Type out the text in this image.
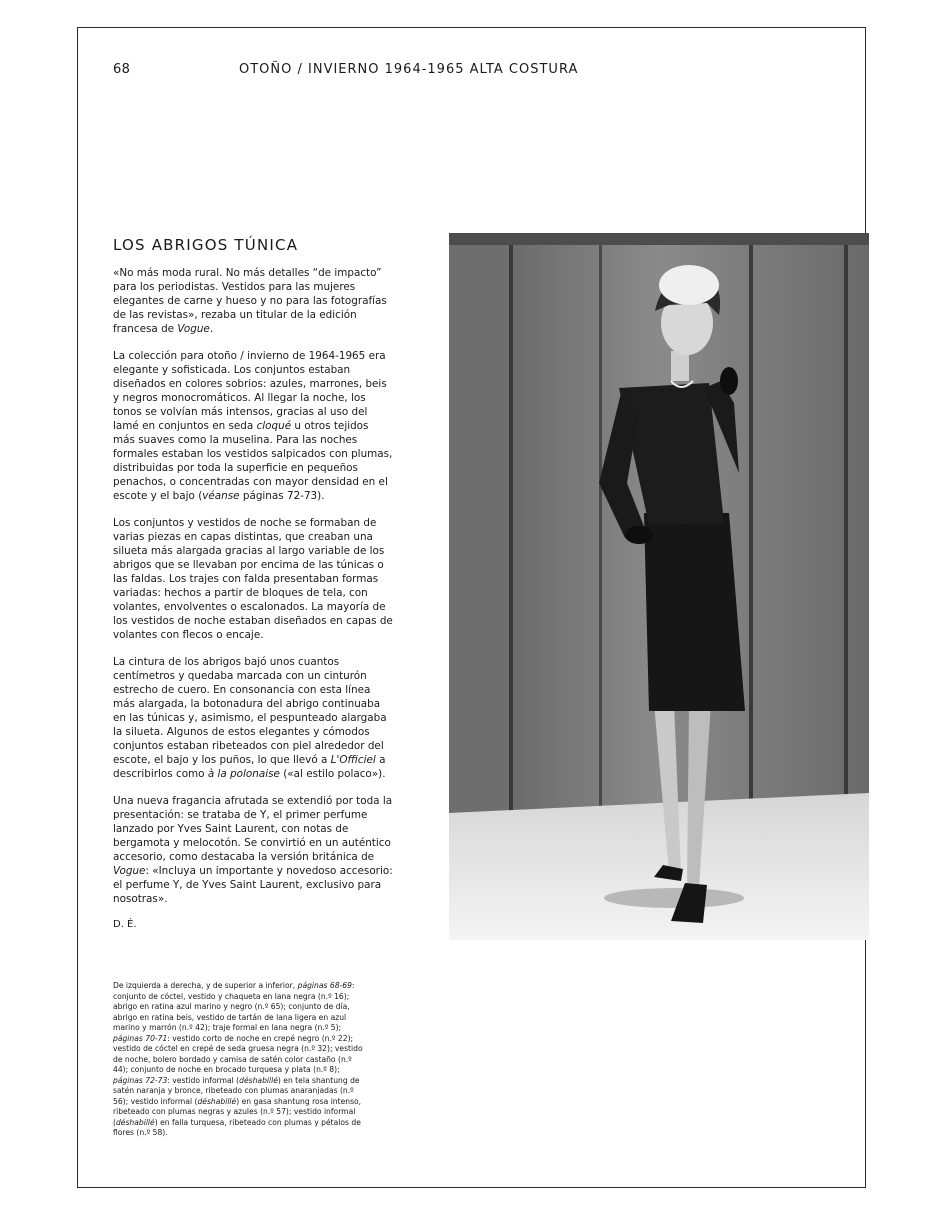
68	OTOÑO / INVIERNO 1964-1965 ALTA COSTURA
LOS ABRIGOS TÚNICA

«No más moda rural. No más detalles “de impacto” para los periodistas. Vestidos para las mujeres elegantes de carne y hueso y no para las fotografías de las revistas», rezaba un titular de la edición francesa de Vogue.

La colección para otoño / invierno de 1964-1965 era elegante y sofisticada. Los conjuntos estaban diseñados en colores sobrios: azules, marrones, beis y negros monocromáticos. Al llegar la noche, los tonos se volvían más intensos, gracias al uso del lamé en conjuntos en seda cloqué u otros tejidos más suaves como la muselina. Para las noches formales estaban los vestidos salpicados con plumas, distribuidas por toda la superficie en pequeños penachos, o concentradas con mayor densidad en el escote y el bajo (véanse páginas 72-73).

Los conjuntos y vestidos de noche se formaban de varias piezas en capas distintas, que creaban una silueta más alargada gracias al largo variable de los abrigos que se llevaban por encima de las túnicas o las faldas. Los trajes con falda presentaban formas variadas: hechos a partir de bloques de tela, con volantes, envolventes o escalonados. La mayoría de los vestidos de noche estaban diseñados en capas de volantes con flecos o encaje.

La cintura de los abrigos bajó unos cuantos centímetros y quedaba marcada con un cinturón estrecho de cuero. En consonancia con esta línea más alargada, la botonadura del abrigo continuaba en las túnicas y, asimismo, el pespunteado alargaba la silueta. Algunos de estos elegantes y cómodos conjuntos estaban ribeteados con piel alrededor del escote, el bajo y los puños, lo que llevó a L'Officiel a describirlos como à la polonaise («al estilo polaco»).

Una nueva fragancia afrutada se extendió por toda la presentación: se trataba de Y, el primer perfume lanzado por Yves Saint Laurent, con notas de bergamota y melocotón. Se convirtió en un auténtico accesorio, como destacaba la versión británica de Vogue: «Incluya un importante y novedoso accesorio: el perfume Y, de Yves Saint Laurent, exclusivo para nosotras».

D. É.
De izquierda a derecha, y de superior a inferior, páginas 68-69: conjunto de cóctel, vestido y chaqueta en lana negra (n.º 16); abrigo en ratina azul marino y negro (n.º 65); conjunto de día, abrigo en ratina beis, vestido de tartán de lana ligera en azul marino y marrón (n.º 42); traje formal en lana negra (n.º 5); páginas 70-71: vestido corto de noche en crepé negro (n.º 22); vestido de cóctel en crepé de seda gruesa negra (n.º 32); vestido de noche, bolero bordado y camisa de satén color castaño (n.º 44); conjunto de noche en brocado turquesa y plata (n.º 8); páginas 72-73: vestido informal (déshabillé) en tela shantung de satén naranja y bronce, ribeteado con plumas anaranjadas (n.º 56); vestido informal (déshabillé) en gasa shantung rosa intenso, ribeteado con plumas negras y azules (n.º 57); vestido informal (déshabillé) en falla turquesa, ribeteado con plumas y pétalos de flores (n.º 58).
